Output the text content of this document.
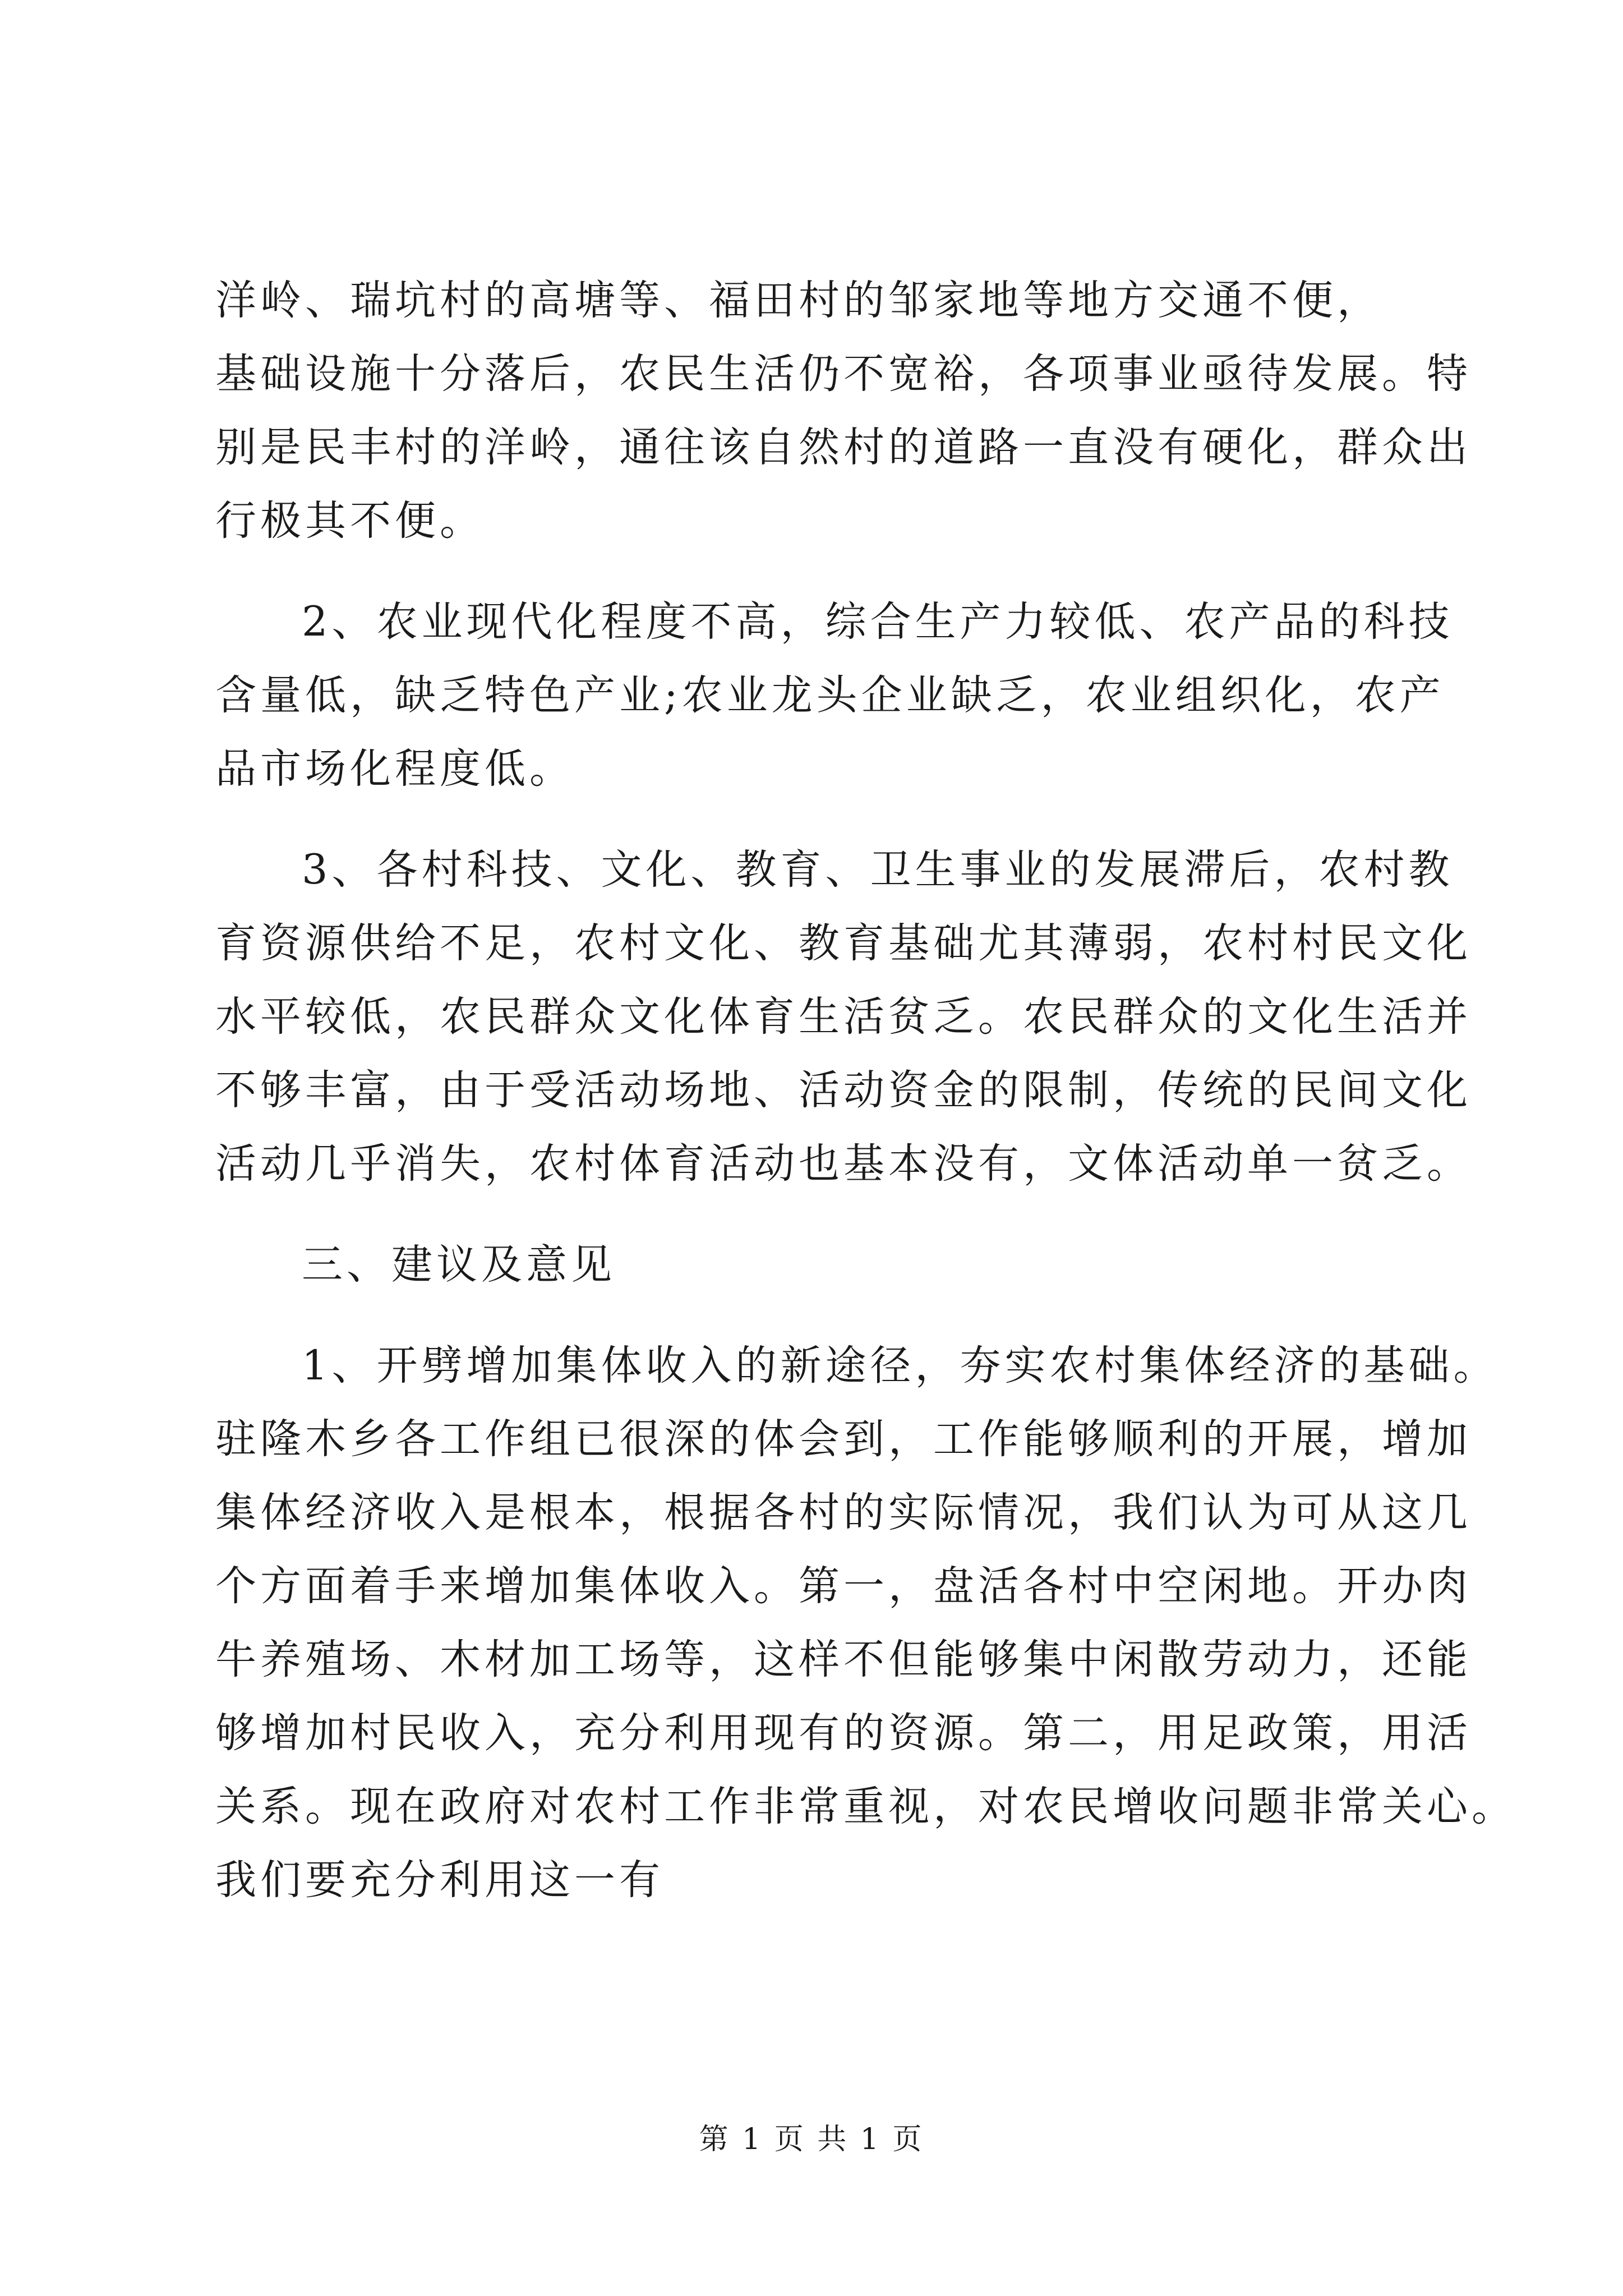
洋岭、瑞坑村的高塘等、福田村的邹家地等地方交通不便，
基础设施十分落后，农民生活仍不宽裕，各项事业亟待发展。特
别是民丰村的洋岭，通往该自然村的道路一直没有硬化，群众出
行极其不便。
2、农业现代化程度不高，综合生产力较低、农产品的科技
含量低，缺乏特色产业;农业龙头企业缺乏，农业组织化，农产
品市场化程度低。
3、各村科技、文化、教育、卫生事业的发展滞后，农村教
育资源供给不足，农村文化、教育基础尤其薄弱，农村村民文化
水平较低，农民群众文化体育生活贫乏。农民群众的文化生活并
不够丰富，由于受活动场地、活动资金的限制，传统的民间文化
活动几乎消失，农村体育活动也基本没有，文体活动单一贫乏。
三、建议及意见
1、开劈增加集体收入的新途径，夯实农村集体经济的基础。
驻隆木乡各工作组已很深的体会到，工作能够顺利的开展，增加
集体经济收入是根本，根据各村的实际情况，我们认为可从这几
个方面着手来增加集体收入。第一，盘活各村中空闲地。开办肉
牛养殖场、木材加工场等，这样不但能够集中闲散劳动力，还能
够增加村民收入，充分利用现有的资源。第二，用足政策，用活
关系。现在政府对农村工作非常重视，对农民增收问题非常关心。
我们要充分利用这一有
第 1 页 共 1 页
